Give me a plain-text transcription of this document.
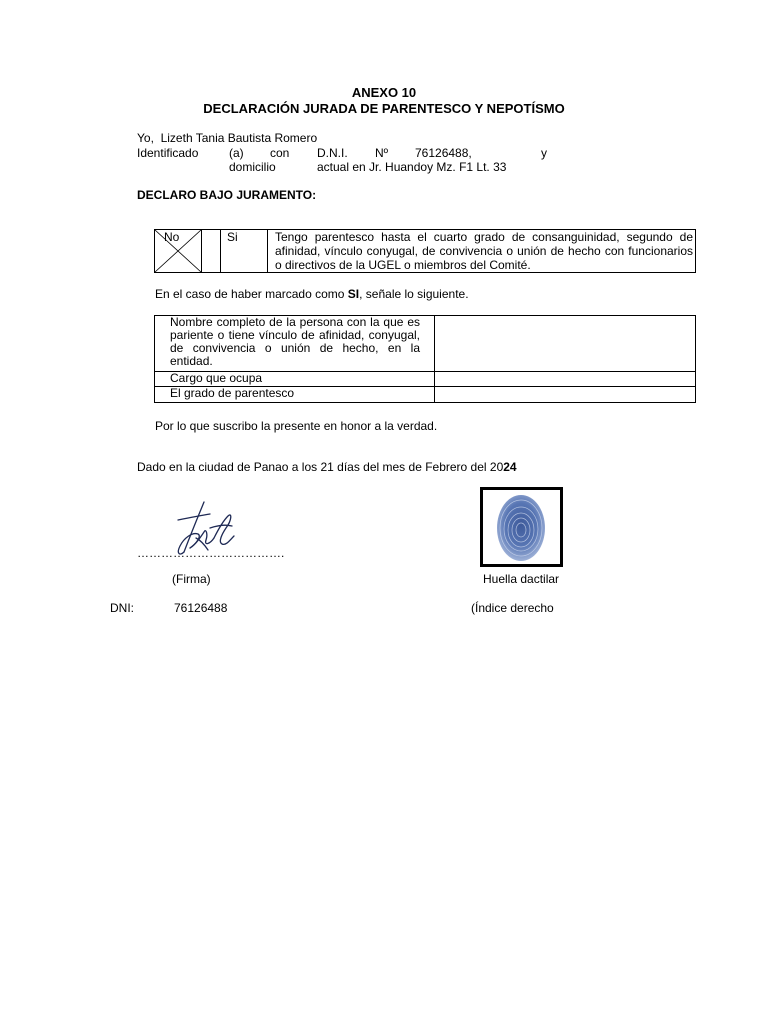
ANEXO 10
DECLARACIÓN JURADA DE PARENTESCO Y NEPOTÍSMO
Yo, Lizeth Tania Bautista Romero
Identificado	(a) con D.N.I. Nº 76126488,	y
domicilio	actual en Jr. Huandoy Mz. F1 Lt. 33
DECLARO BAJO JURAMENTO:
No		Si	Tengo parentesco hasta el cuarto grado de consanguinidad, segundo de afinidad, vínculo conyugal, de convivencia o unión de hecho con funcionarios o directivos de la UGEL o miembros del Comité.
En el caso de haber marcado como SI, señale lo siguiente.
Nombre completo de la persona con la que es pariente o tiene vínculo de afinidad, conyugal, de convivencia o unión de hecho, en la entidad.	
Cargo que ocupa	
El grado de parentesco	
Por lo que suscribo la presente en honor a la verdad.
Dado en la ciudad de Panao a los 21 días del mes de Febrero del 2024
……………………………….
(Firma)
DNI:	76126488
Huella dactilar
(Índice derecho
